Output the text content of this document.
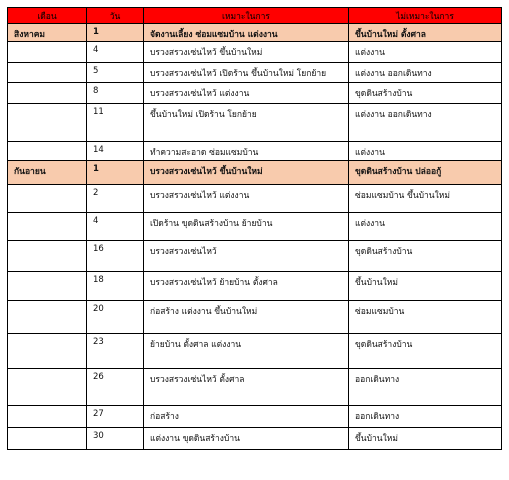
เดือน	วัน	เหมาะในการ	ไม่เหมาะในการ
สิงหาคม	1	จัดงานเลี้ยง ซ่อมแซมบ้าน แต่งงาน	ขึ้นบ้านใหม่ ตั้งศาล
	4	บรวงสรวงเซ่นไหว้ ขึ้นบ้านใหม่	แต่งงาน
	5	บรวงสรวงเซ่นไหว้ เปิดร้าน ขึ้นบ้านใหม่ โยกย้าย	แต่งงาน ออกเดินทาง
	8	บรวงสรวงเซ่นไหว้ แต่งงาน	ขุดดินสร้างบ้าน
	11	ขึ้นบ้านใหม่ เปิดร้าน โยกย้าย	แต่งงาน ออกเดินทาง
	14	ทำความสะอาด ซ่อมแซมบ้าน	แต่งงาน
กันอายน	1	บรวงสรวงเซ่นไหว้ ขึ้นบ้านใหม่	ขุดดินสร้างบ้าน ปล่ออกู้
	2	บรวงสรวงเซ่นไหว้ แต่งงาน	ซ่อมแซมบ้าน ขึ้นบ้านใหม่
	4	เปิดร้าน ขุดดินสร้างบ้าน ย้ายบ้าน	แต่งงาน
	16	บรวงสรวงเซ่นไหว้	ขุดดินสร้างบ้าน
	18	บรวงสรวงเซ่นไหว้ ย้ายบ้าน ตั้งศาล	ขึ้นบ้านใหม่
	20	ก่อสร้าง แต่งงาน ขึ้นบ้านใหม่	ซ่อมแซมบ้าน
	23	ย้ายบ้าน ตั้งศาล แต่งงาน	ขุดดินสร้างบ้าน
	26	บรวงสรวงเซ่นไหว้ ตั้งศาล	ออกเดินทาง
	27	ก่อสร้าง	ออกเดินทาง
	30	แต่งงาน ขุดดินสร้างบ้าน	ขึ้นบ้านใหม่
